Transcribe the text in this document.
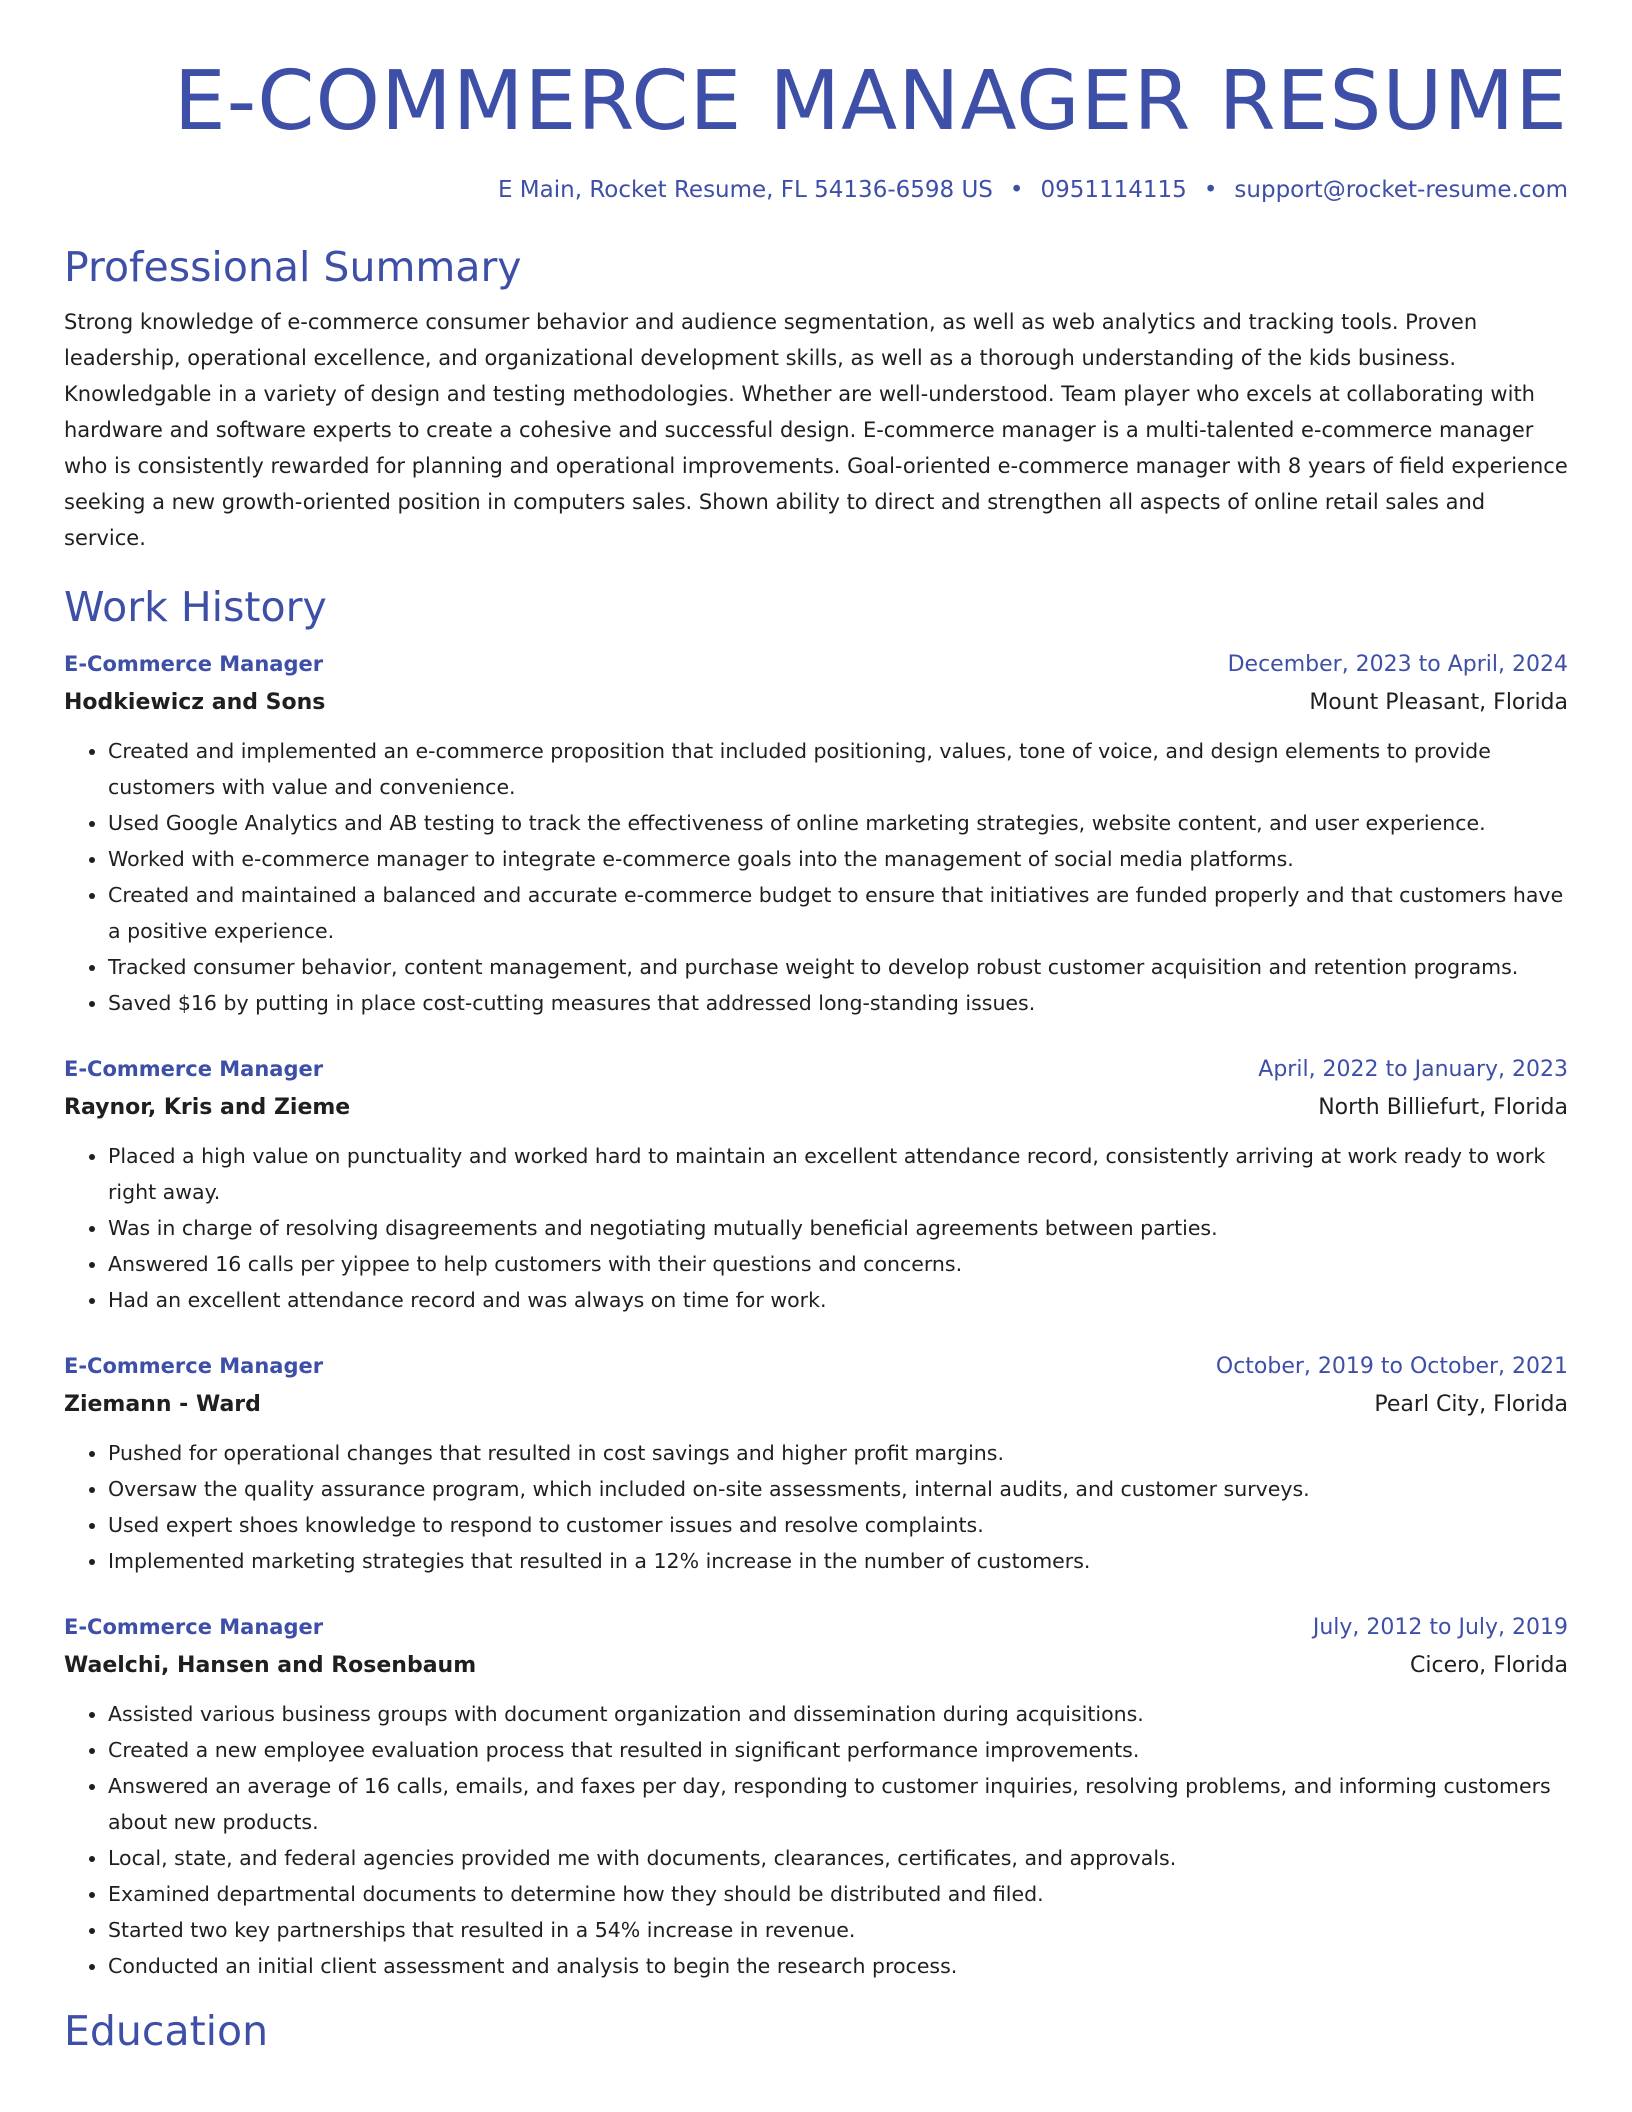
E-COMMERCE MANAGER RESUME
E Main, Rocket Resume, FL 54136-6598 US • 0951114115 • support@rocket-resume.com
Professional Summary
Strong knowledge of e-commerce consumer behavior and audience segmentation, as well as web analytics and tracking tools. Proven leadership, operational excellence, and organizational development skills, as well as a thorough understanding of the kids business. Knowledgable in a variety of design and testing methodologies. Whether are well-understood. Team player who excels at collaborating with hardware and software experts to create a cohesive and successful design. E-commerce manager is a multi-talented e-commerce manager who is consistently rewarded for planning and operational improvements. Goal-oriented e-commerce manager with 8 years of field experience seeking a new growth-oriented position in computers sales. Shown ability to direct and strengthen all aspects of online retail sales and service.
Work History
E-Commerce Manager	December, 2023 to April, 2024
Hodkiewicz and Sons	Mount Pleasant, Florida
• Created and implemented an e-commerce proposition that included positioning, values, tone of voice, and design elements to provide customers with value and convenience.
• Used Google Analytics and AB testing to track the effectiveness of online marketing strategies, website content, and user experience.
• Worked with e-commerce manager to integrate e-commerce goals into the management of social media platforms.
• Created and maintained a balanced and accurate e-commerce budget to ensure that initiatives are funded properly and that customers have a positive experience.
• Tracked consumer behavior, content management, and purchase weight to develop robust customer acquisition and retention programs.
• Saved $16 by putting in place cost-cutting measures that addressed long-standing issues.
E-Commerce Manager	April, 2022 to January, 2023
Raynor, Kris and Zieme	North Billiefurt, Florida
• Placed a high value on punctuality and worked hard to maintain an excellent attendance record, consistently arriving at work ready to work right away.
• Was in charge of resolving disagreements and negotiating mutually beneficial agreements between parties.
• Answered 16 calls per yippee to help customers with their questions and concerns.
• Had an excellent attendance record and was always on time for work.
E-Commerce Manager	October, 2019 to October, 2021
Ziemann - Ward	Pearl City, Florida
• Pushed for operational changes that resulted in cost savings and higher profit margins.
• Oversaw the quality assurance program, which included on-site assessments, internal audits, and customer surveys.
• Used expert shoes knowledge to respond to customer issues and resolve complaints.
• Implemented marketing strategies that resulted in a 12% increase in the number of customers.
E-Commerce Manager	July, 2012 to July, 2019
Waelchi, Hansen and Rosenbaum	Cicero, Florida
• Assisted various business groups with document organization and dissemination during acquisitions.
• Created a new employee evaluation process that resulted in significant performance improvements.
• Answered an average of 16 calls, emails, and faxes per day, responding to customer inquiries, resolving problems, and informing customers about new products.
• Local, state, and federal agencies provided me with documents, clearances, certificates, and approvals.
• Examined departmental documents to determine how they should be distributed and filed.
• Started two key partnerships that resulted in a 54% increase in revenue.
• Conducted an initial client assessment and analysis to begin the research process.
Education
